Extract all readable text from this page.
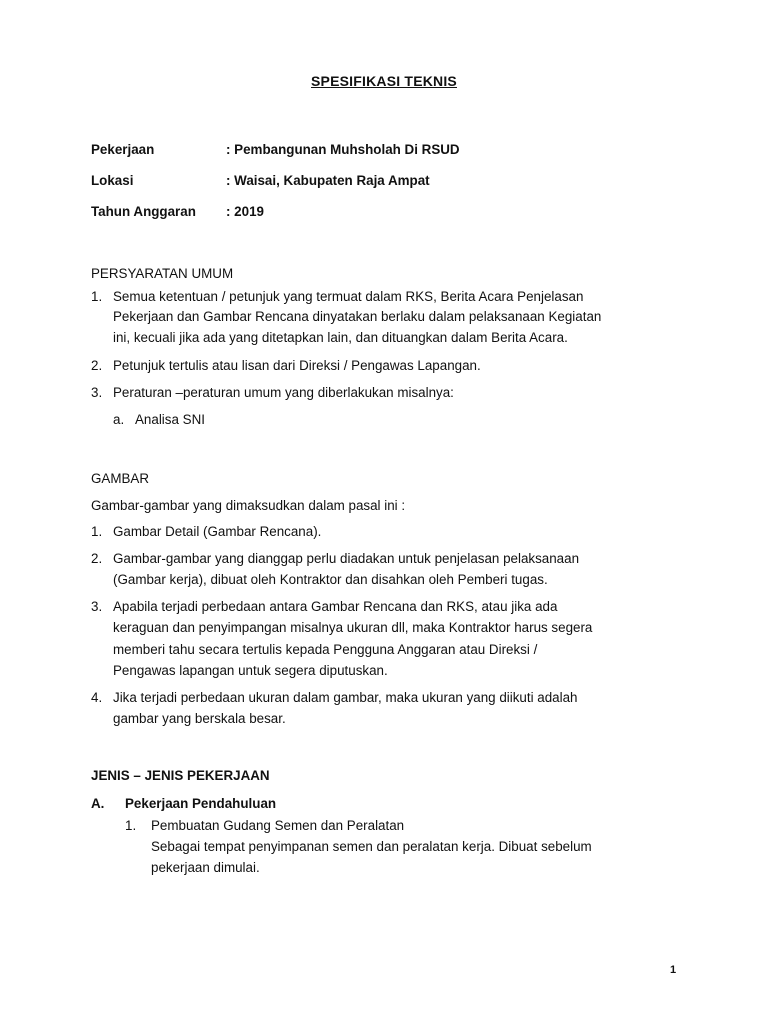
SPESIFIKASI TEKNIS
Pekerjaan	: Pembangunan Muhsholah Di RSUD
Lokasi	: Waisai, Kabupaten Raja Ampat
Tahun Anggaran : 2019
PERSYARATAN UMUM
1. Semua ketentuan / petunjuk yang termuat dalam RKS, Berita Acara Penjelasan
Pekerjaan dan Gambar Rencana dinyatakan berlaku dalam pelaksanaan Kegiatan
ini, kecuali jika ada yang ditetapkan lain, dan dituangkan dalam Berita Acara.
2. Petunjuk tertulis atau lisan dari Direksi / Pengawas Lapangan.
3. Peraturan –peraturan umum yang diberlakukan misalnya:
a. Analisa SNI
GAMBAR
Gambar-gambar yang dimaksudkan dalam pasal ini :
1. Gambar Detail (Gambar Rencana).
2. Gambar-gambar yang dianggap perlu diadakan untuk penjelasan pelaksanaan
(Gambar kerja), dibuat oleh Kontraktor dan disahkan oleh Pemberi tugas.
3. Apabila terjadi perbedaan antara Gambar Rencana dan RKS, atau jika ada
keraguan dan penyimpangan misalnya ukuran dll, maka Kontraktor harus segera
memberi tahu secara tertulis kepada Pengguna Anggaran atau Direksi /
Pengawas lapangan untuk segera diputuskan.
4. Jika terjadi perbedaan ukuran dalam gambar, maka ukuran yang diikuti adalah
gambar yang berskala besar.
JENIS – JENIS PEKERJAAN
A. Pekerjaan Pendahuluan
1. Pembuatan Gudang Semen dan Peralatan
Sebagai tempat penyimpanan semen dan peralatan kerja. Dibuat sebelum
pekerjaan dimulai.
1
